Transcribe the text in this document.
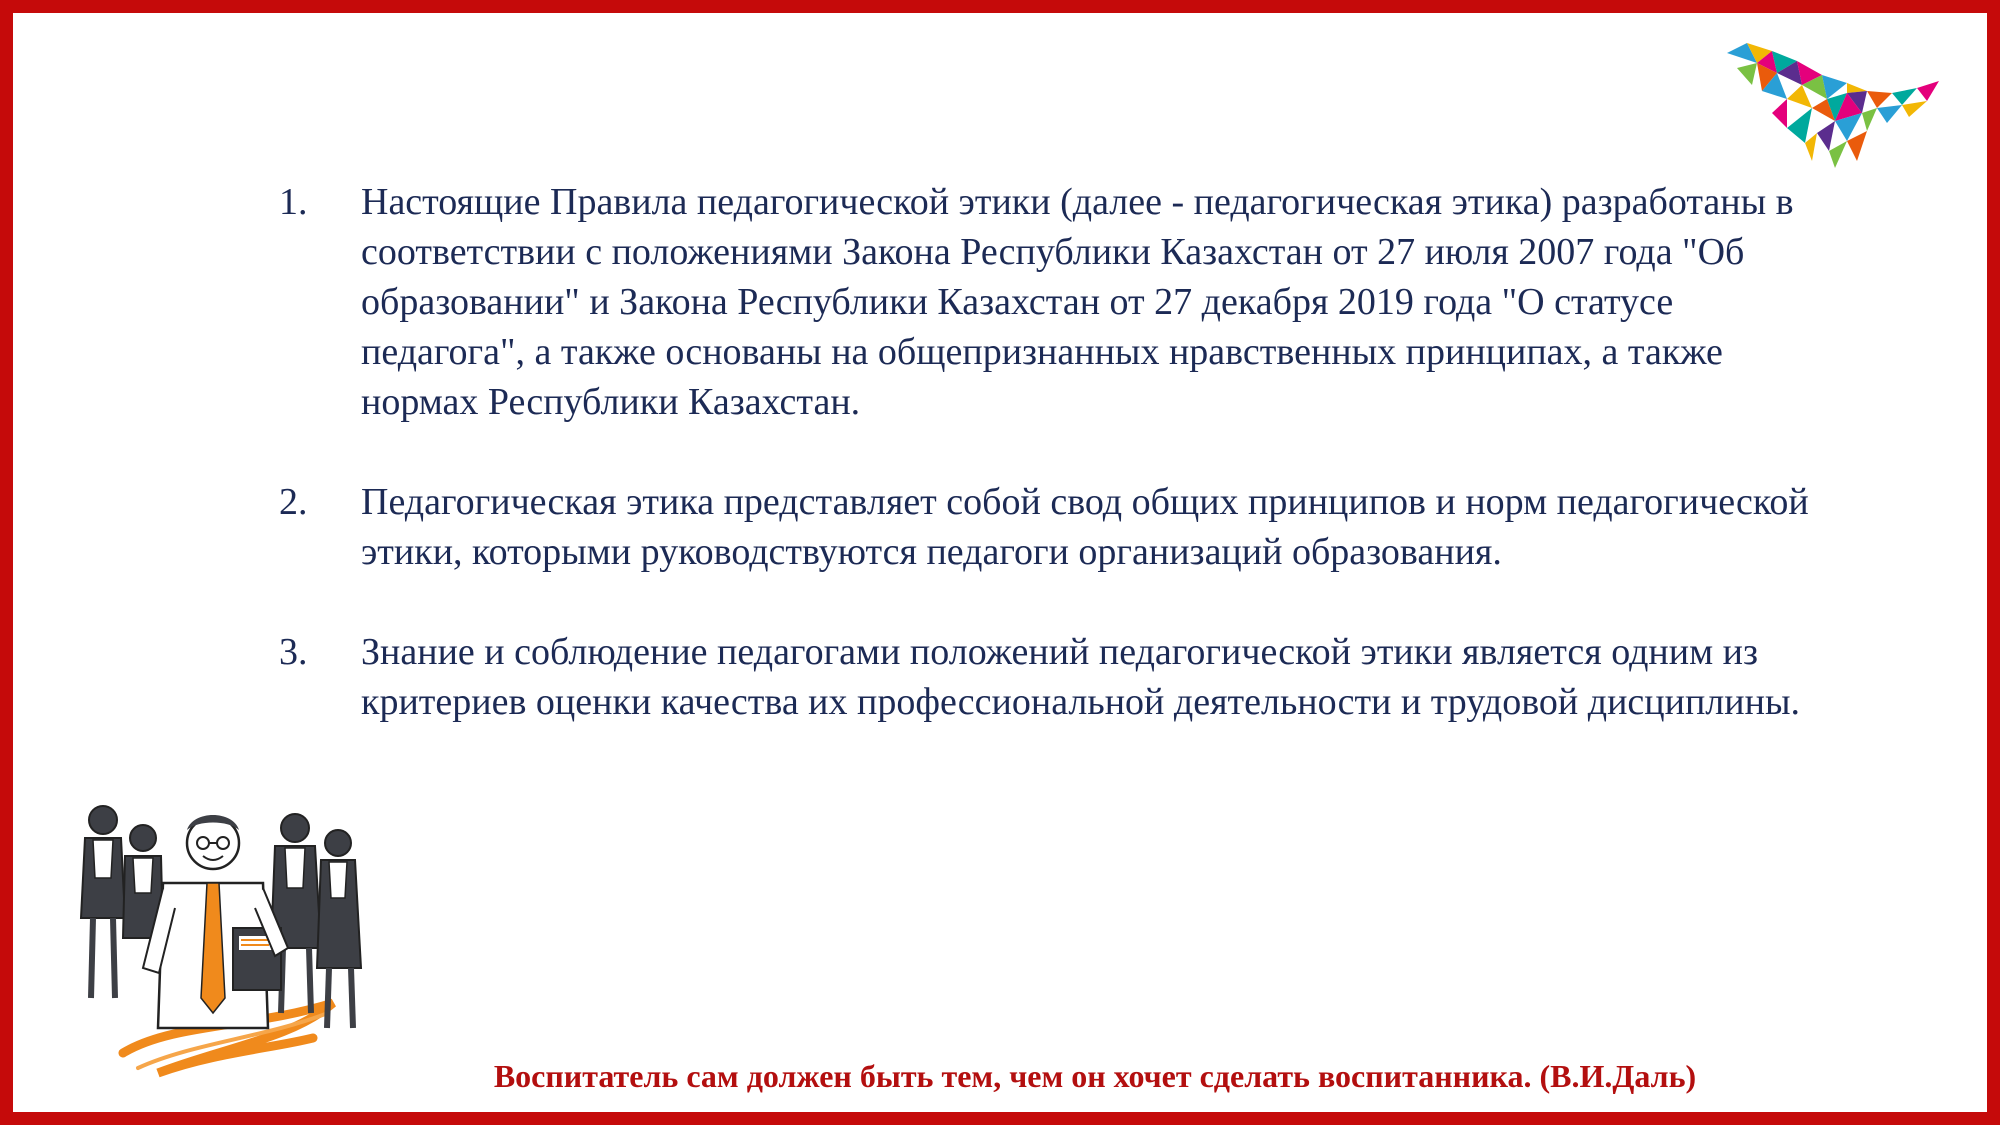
1.	Настоящие Правила педагогической этики (далее - педагогическая этика) разработаны в соответствии с положениями Закона Республики Казахстан от 27 июля 2007 года "Об образовании" и Закона Республики Казахстан от 27 декабря 2019 года "О статусе педагога", а также основаны на общепризнанных нравственных принципах, а также нормах Республики Казахстан.
2.	Педагогическая этика представляет собой свод общих принципов и норм педагогической этики, которыми руководствуются педагоги организаций образования.
3.	Знание и соблюдение педагогами положений педагогической этики является одним из критериев оценки качества их профессиональной деятельности и трудовой дисциплины.
Воспитатель сам должен быть тем, чем он хочет сделать воспитанника. (В.И.Даль)
